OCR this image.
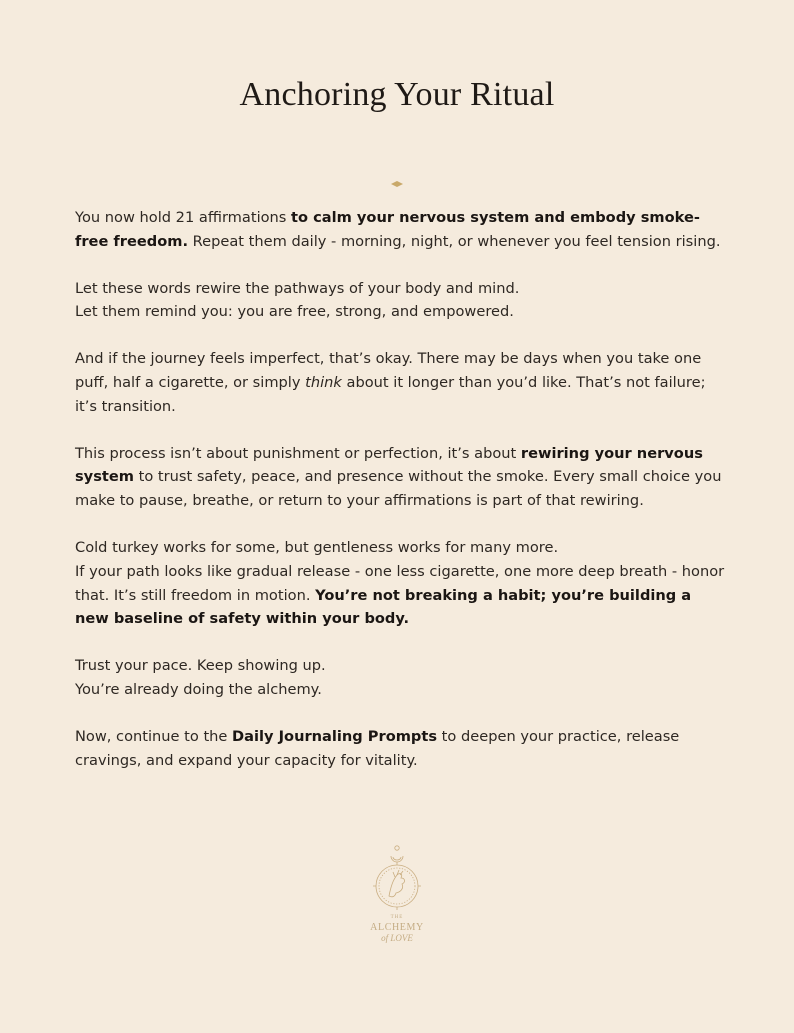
Anchoring Your Ritual

You now hold 21 affirmations to calm your nervous system and embody smoke-free freedom. Repeat them daily - morning, night, or whenever you feel tension rising.

Let these words rewire the pathways of your body and mind.
Let them remind you: you are free, strong, and empowered.

And if the journey feels imperfect, that’s okay. There may be days when you take one puff, half a cigarette, or simply think about it longer than you’d like. That’s not failure; it’s transition.

This process isn’t about punishment or perfection, it’s about rewiring your nervous system to trust safety, peace, and presence without the smoke. Every small choice you make to pause, breathe, or return to your affirmations is part of that rewiring.

Cold turkey works for some, but gentleness works for many more.
If your path looks like gradual release - one less cigarette, one more deep breath - honor that. It’s still freedom in motion. You’re not breaking a habit; you’re building a new baseline of safety within your body.

Trust your pace. Keep showing up.
You’re already doing the alchemy.

Now, continue to the Daily Journaling Prompts to deepen your practice, release cravings, and expand your capacity for vitality.

THE
ALCHEMY
of LOVE
